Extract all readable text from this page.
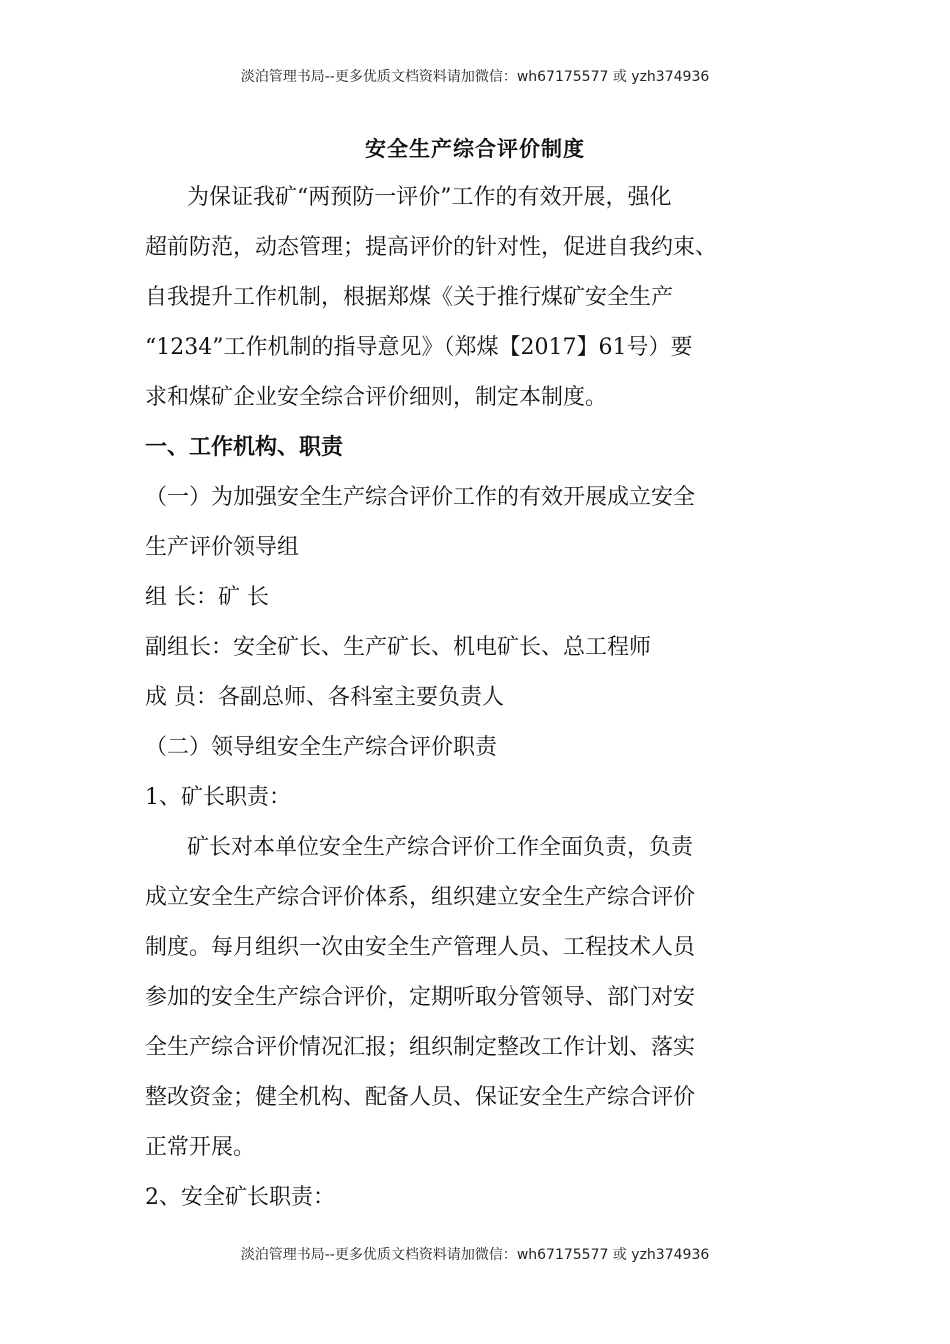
淡泊管理书局--更多优质文档资料请加微信：wh67175577 或 yzh374936
安全生产综合评价制度
　为保证我矿“两预防一评价”工作的有效开展，强化
超前防范，动态管理；提高评价的针对性，促进自我约束、
自我提升工作机制，根据郑煤《关于推行煤矿安全生产
“1234”工作机制的指导意见》（郑煤【2017】61号）要
求和煤矿企业安全综合评价细则，制定本制度。
一、工作机构、职责
（一）为加强安全生产综合评价工作的有效开展成立安全
生产评价领导组
组 长：矿 长
副组长：安全矿长、生产矿长、机电矿长、总工程师
成 员：各副总师、各科室主要负责人
（二）领导组安全生产综合评价职责
1、矿长职责：
　矿长对本单位安全生产综合评价工作全面负责，负责
成立安全生产综合评价体系，组织建立安全生产综合评价
制度。每月组织一次由安全生产管理人员、工程技术人员
参加的安全生产综合评价，定期听取分管领导、部门对安
全生产综合评价情况汇报；组织制定整改工作计划、落实
整改资金；健全机构、配备人员、保证安全生产综合评价
正常开展。
2、安全矿长职责：
淡泊管理书局--更多优质文档资料请加微信：wh67175577 或 yzh374936
